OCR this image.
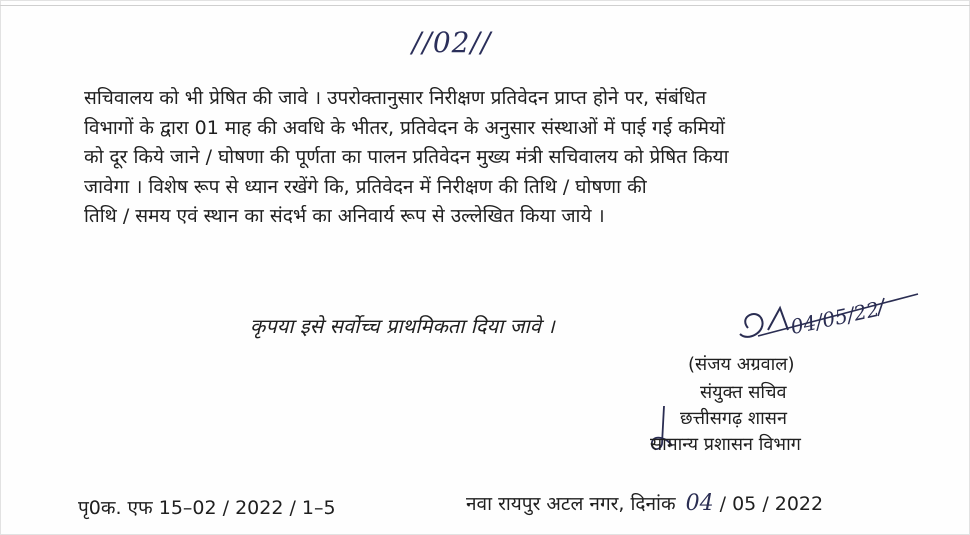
//02//
सचिवालय को भी प्रेषित की जावे । उपरोक्तानुसार निरीक्षण प्रतिवेदन प्राप्त होने पर, संबंधित
विभागों के द्वारा 01 माह की अवधि के भीतर, प्रतिवेदन के अनुसार संस्थाओं में पाई गई कमियों
को दूर किये जाने / घोषणा की पूर्णता का पालन प्रतिवेदन मुख्य मंत्री सचिवालय को प्रेषित किया
जावेगा । विशेष रूप से ध्यान रखेंगे कि, प्रतिवेदन में निरीक्षण की तिथि / घोषणा की
तिथि / समय एवं स्थान का संदर्भ का अनिवार्य रूप से उल्लेखित किया जाये ।
कृपया इसे सर्वोच्च प्राथमिकता दिया जावे ।	04/05/22
(संजय अग्रवाल)
संयुक्त सचिव
छत्तीसगढ़ शासन
सामान्य प्रशासन विभाग
पृ0क. एफ 15–02 / 2022 / 1–5	नवा रायपुर अटल नगर, दिनांक 04 / 05 / 2022
